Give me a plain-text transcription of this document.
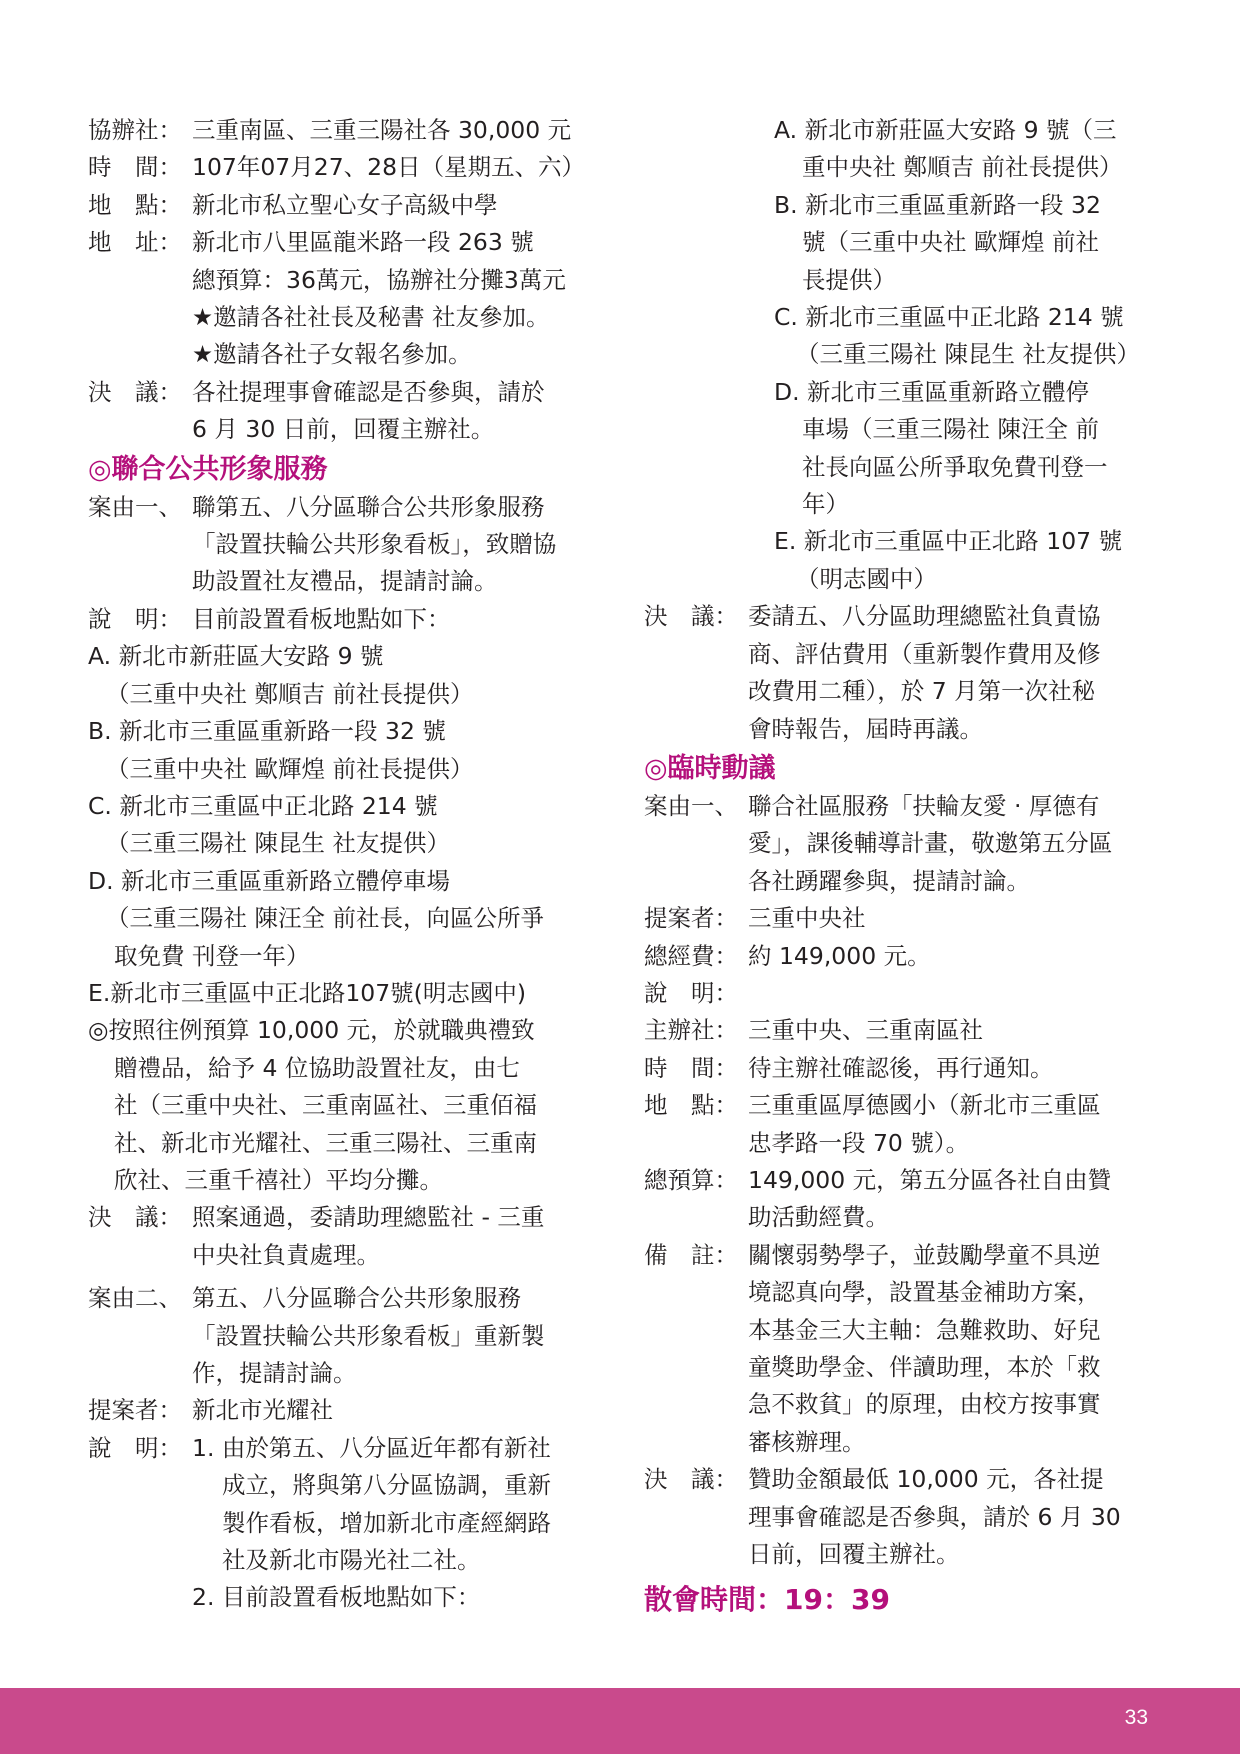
協辦社： 三重南區、三重三陽社各 30,000 元
時　間： 107年07月27、28日（星期五、六）
地　點： 新北市私立聖心女子高級中學
地　址： 新北市八里區龍米路一段 263 號
總預算：36萬元，協辦社分攤3萬元
★邀請各社社長及秘書 社友參加。
★邀請各社子女報名參加。
決　議： 各社提理事會確認是否參與，請於
6 月 30 日前，回覆主辦社。
◎聯合公共形象服務
案由一、 聯第五、八分區聯合公共形象服務
「設置扶輪公共形象看板」，致贈協
助設置社友禮品，提請討論。
說　明： 目前設置看板地點如下：
A. 新北市新莊區大安路 9 號
（三重中央社 鄭順吉 前社長提供）
B. 新北市三重區重新路一段 32 號
（三重中央社 歐輝煌 前社長提供）
C. 新北市三重區中正北路 214 號
（三重三陽社 陳昆生 社友提供）
D. 新北市三重區重新路立體停車場
（三重三陽社 陳汪全 前社長，向區公所爭
取免費 刊登一年）
E.新北市三重區中正北路107號(明志國中)
◎按照往例預算 10,000 元，於就職典禮致
贈禮品，給予 4 位協助設置社友，由七
社（三重中央社、三重南區社、三重佰福
社、新北市光耀社、三重三陽社、三重南
欣社、三重千禧社）平均分攤。
決　議： 照案通過，委請助理總監社 - 三重
中央社負責處理。
案由二、 第五、八分區聯合公共形象服務
「設置扶輪公共形象看板」重新製
作，提請討論。
提案者： 新北市光耀社
說　明： 1. 由於第五、八分區近年都有新社
成立，將與第八分區協調，重新
製作看板，增加新北市產經網路
社及新北市陽光社二社。
2. 目前設置看板地點如下：
A. 新北市新莊區大安路 9 號（三
重中央社 鄭順吉 前社長提供）
B. 新北市三重區重新路一段 32
號（三重中央社 歐輝煌 前社
長提供）
C. 新北市三重區中正北路 214 號
（三重三陽社 陳昆生 社友提供）
D. 新北市三重區重新路立體停
車場（三重三陽社 陳汪全 前
社長向區公所爭取免費刊登一
年）
E. 新北市三重區中正北路 107 號
（明志國中）
決　議： 委請五、八分區助理總監社負責協
商、評估費用（重新製作費用及修
改費用二種），於 7 月第一次社秘
會時報告，屆時再議。
◎臨時動議
案由一、 聯合社區服務「扶輪友愛 ‧ 厚德有
愛」，課後輔導計畫，敬邀第五分區
各社踴躍參與，提請討論。
提案者： 三重中央社
總經費： 約 149,000 元。
說　明：
主辦社： 三重中央、三重南區社
時　間： 待主辦社確認後，再行通知。
地　點： 三重重區厚德國小（新北市三重區
忠孝路一段 70 號）。
總預算： 149,000 元，第五分區各社自由贊
助活動經費。
備　註： 關懷弱勢學子，並鼓勵學童不具逆
境認真向學，設置基金補助方案，
本基金三大主軸：急難救助、好兒
童獎助學金、伴讀助理，本於「救
急不救貧」的原理，由校方按事實
審核辦理。
決　議： 贊助金額最低 10,000 元，各社提
理事會確認是否參與，請於 6 月 30
日前，回覆主辦社。
散會時間：19：39
33
